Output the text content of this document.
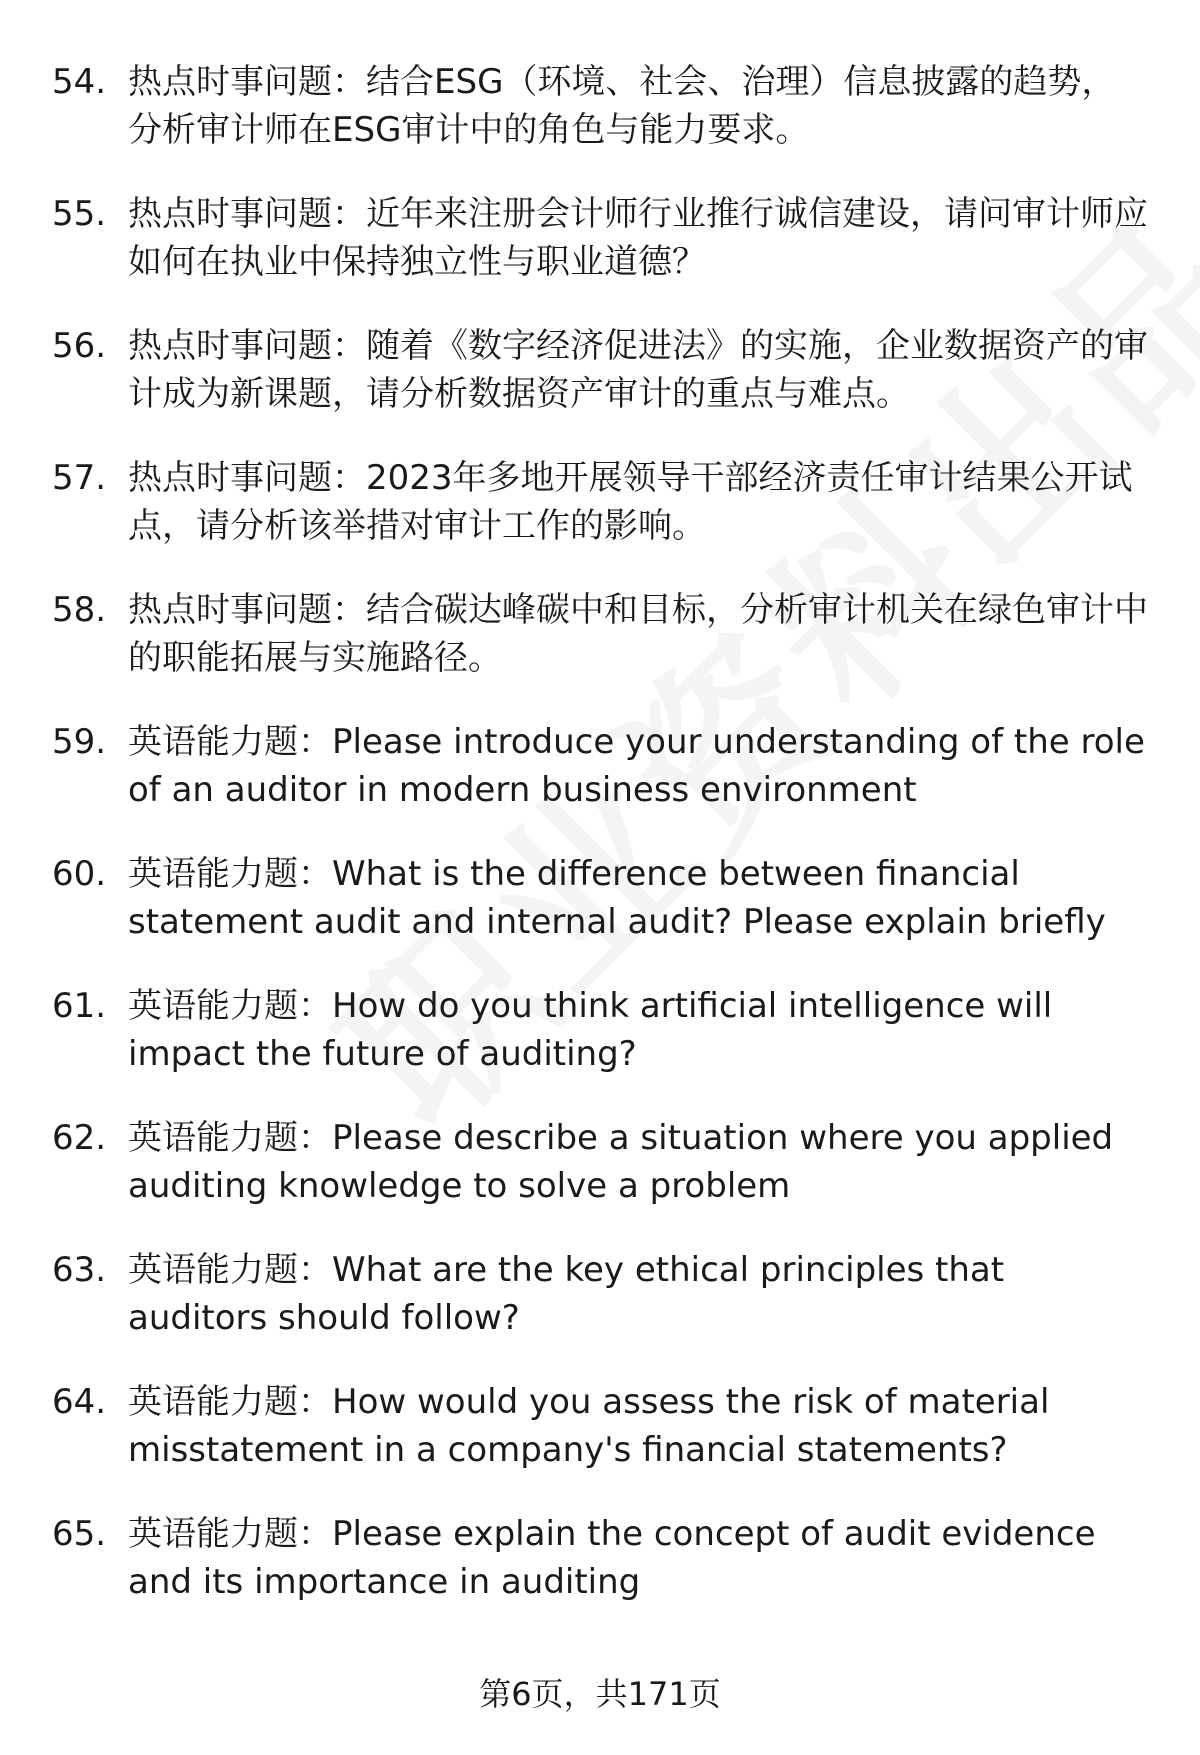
54. 热点时事问题：结合ESG（环境、社会、治理）信息披露的趋势，分析审计师在ESG审计中的角色与能力要求。
55. 热点时事问题：近年来注册会计师行业推行诚信建设，请问审计师应如何在执业中保持独立性与职业道德？
56. 热点时事问题：随着《数字经济促进法》的实施，企业数据资产的审计成为新课题，请分析数据资产审计的重点与难点。
57. 热点时事问题：2023年多地开展领导干部经济责任审计结果公开试点，请分析该举措对审计工作的影响。
58. 热点时事问题：结合碳达峰碳中和目标，分析审计机关在绿色审计中的职能拓展与实施路径。
59. 英语能力题：Please introduce your understanding of the role of an auditor in modern business environment
60. 英语能力题：What is the difference between financial statement audit and internal audit? Please explain briefly
61. 英语能力题：How do you think artificial intelligence will impact the future of auditing?
62. 英语能力题：Please describe a situation where you applied auditing knowledge to solve a problem
63. 英语能力题：What are the key ethical principles that auditors should follow?
64. 英语能力题：How would you assess the risk of material misstatement in a company's financial statements?
65. 英语能力题：Please explain the concept of audit evidence and its importance in auditing
第6页，共171页
